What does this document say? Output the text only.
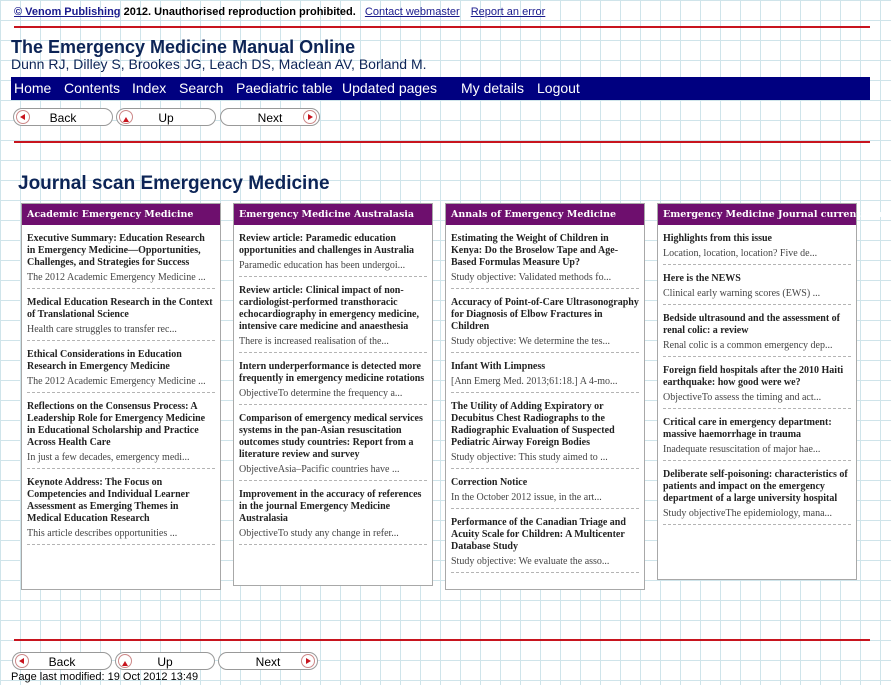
© Venom Publishing 2012. Unauthorised reproduction prohibited. Contact webmaster Report an error
The Emergency Medicine Manual Online
Dunn RJ, Dilley S, Brookes JG, Leach DS, Maclean AV, Borland M.
Home Contents Index Search Paediatric table Updated pages My details Logout
Back	Up	Next
Journal scan Emergency Medicine
Academic Emergency Medicine
Executive Summary: Education Research in Emergency Medicine—Opportunities, Challenges, and Strategies for Success
The 2012 Academic Emergency Medicine ...
Medical Education Research in the Context of Translational Science
Health care struggles to transfer rec...
Ethical Considerations in Education Research in Emergency Medicine
The 2012 Academic Emergency Medicine ...
Reflections on the Consensus Process: A Leadership Role for Emergency Medicine in Educational Scholarship and Practice Across Health Care
In just a few decades, emergency medi...
Keynote Address: The Focus on Competencies and Individual Learner Assessment as Emerging Themes in Medical Education Research
This article describes opportunities ...
Emergency Medicine Australasia
Review article: Paramedic education opportunities and challenges in Australia
Paramedic education has been undergoi...
Review article: Clinical impact of non-cardiologist-performed transthoracic echocardiography in emergency medicine, intensive care medicine and anaesthesia
There is increased realisation of the...
Intern underperformance is detected more frequently in emergency medicine rotations
ObjectiveTo determine the frequency a...
Comparison of emergency medical services systems in the pan-Asian resuscitation outcomes study countries: Report from a literature review and survey
ObjectiveAsia–Pacific countries have ...
Improvement in the accuracy of references in the journal Emergency Medicine Australasia
ObjectiveTo study any change in refer...
Annals of Emergency Medicine
Estimating the Weight of Children in Kenya: Do the Broselow Tape and Age-Based Formulas Measure Up?
Study objective: Validated methods fo...
Accuracy of Point-of-Care Ultrasonography for Diagnosis of Elbow Fractures in Children
Study objective: We determine the tes...
Infant With Limpness
[Ann Emerg Med. 2013;61:18.] A 4-mo...
The Utility of Adding Expiratory or Decubitus Chest Radiographs to the Radiographic Evaluation of Suspected Pediatric Airway Foreign Bodies
Study objective: This study aimed to ...
Correction Notice
In the October 2012 issue, in the art...
Performance of the Canadian Triage and Acuity Scale for Children: A Multicenter Database Study
Study objective: We evaluate the asso...
Emergency Medicine Journal current issue
Highlights from this issue
Location, location, location? Five de...
Here is the NEWS
Clinical early warning scores (EWS) ...
Bedside ultrasound and the assessment of renal colic: a review
Renal colic is a common emergency dep...
Foreign field hospitals after the 2010 Haiti earthquake: how good were we?
ObjectiveTo assess the timing and act...
Critical care in emergency department: massive haemorrhage in trauma
Inadequate resuscitation of major hae...
Deliberate self-poisoning: characteristics of patients and impact on the emergency department of a large university hospital
Study objectiveThe epidemiology, mana...
Back	Up	Next
Page last modified: 19 Oct 2012 13:49
